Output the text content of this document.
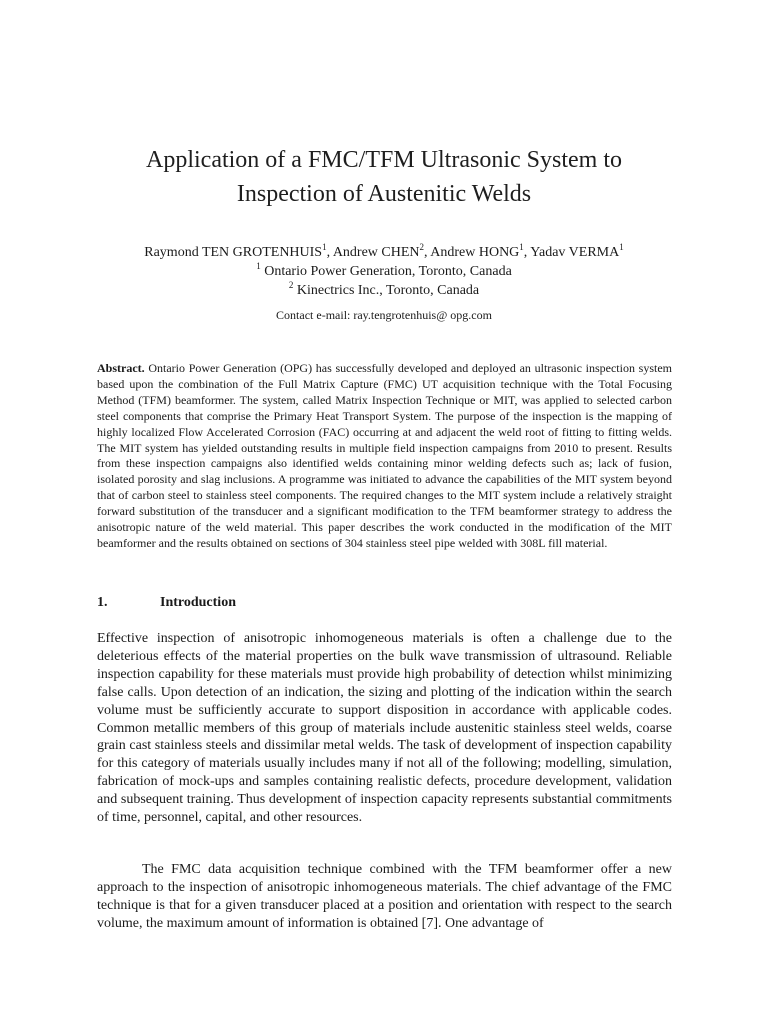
Application of a FMC/TFM Ultrasonic System to
Inspection of Austenitic Welds
Raymond TEN GROTENHUIS$^1$, Andrew CHEN$^2$, Andrew HONG$^1$, Yadav VERMA$^1$
$^1$ Ontario Power Generation, Toronto, Canada
$^2$ Kinectrics Inc., Toronto, Canada
Contact e-mail: ray.tengrotenhuis@ opg.com
Abstract. Ontario Power Generation (OPG) has successfully developed and deployed an ultrasonic inspection system based upon the combination of the Full Matrix Capture (FMC) UT acquisition technique with the Total Focusing Method (TFM) beamformer. The system, called Matrix Inspection Technique or MIT, was applied to selected carbon steel components that comprise the Primary Heat Transport System. The purpose of the inspection is the mapping of highly localized Flow Accelerated Corrosion (FAC) occurring at and adjacent the weld root of fitting to fitting welds. The MIT system has yielded outstanding results in multiple field inspection campaigns from 2010 to present. Results from these inspection campaigns also identified welds containing minor welding defects such as; lack of fusion, isolated porosity and slag inclusions. A programme was initiated to advance the capabilities of the MIT system beyond that of carbon steel to stainless steel components. The required changes to the MIT system include a relatively straight forward substitution of the transducer and a significant modification to the TFM beamformer strategy to address the anisotropic nature of the weld material. This paper describes the work conducted in the modification of the MIT beamformer and the results obtained on sections of 304 stainless steel pipe welded with 308L fill material.
1.	Introduction
Effective inspection of anisotropic inhomogeneous materials is often a challenge due to the deleterious effects of the material properties on the bulk wave transmission of ultrasound. Reliable inspection capability for these materials must provide high probability of detection whilst minimizing false calls. Upon detection of an indication, the sizing and plotting of the indication within the search volume must be sufficiently accurate to support disposition in accordance with applicable codes. Common metallic members of this group of materials include austenitic stainless steel welds, coarse grain cast stainless steels and dissimilar metal welds. The task of development of inspection capability for this category of materials usually includes many if not all of the following; modelling, simulation, fabrication of mock-ups and samples containing realistic defects, procedure development, validation and subsequent training. Thus development of inspection capacity represents substantial commitments of time, personnel, capital, and other resources.
The FMC data acquisition technique combined with the TFM beamformer offer a new approach to the inspection of anisotropic inhomogeneous materials. The chief advantage of the FMC technique is that for a given transducer placed at a position and orientation with respect to the search volume, the maximum amount of information is obtained [7]. One advantage of
